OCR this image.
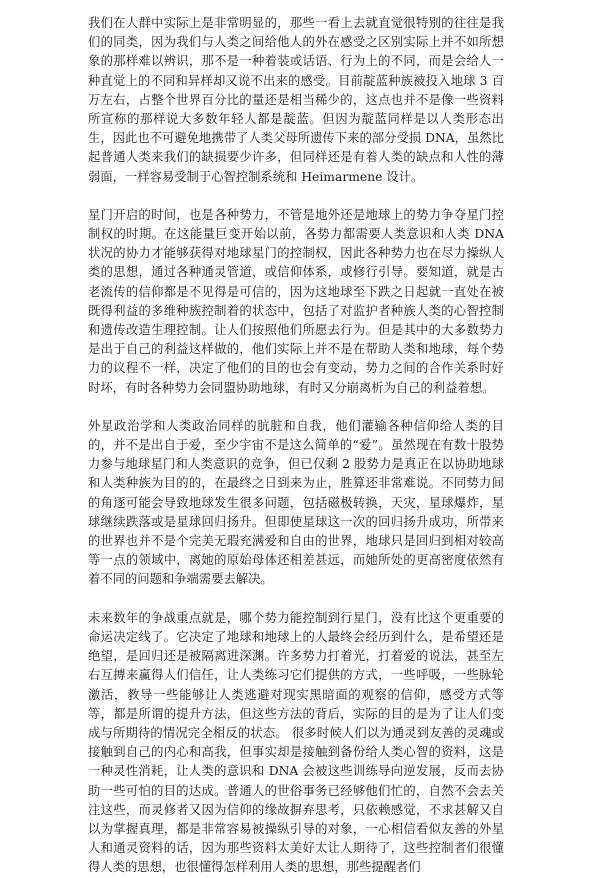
我们在人群中实际上是非常明显的，那些一看上去就直觉很特别的往往是我们的同类，因为我们与人类之间给他人的外在感受之区别实际上并不如所想象的那样难以辨识，那不是一种着装或话语、行为上的不同，而是会给人一种直觉上的不同和异样却又说不出来的感受。目前靛蓝种族被投入地球 3 百万左右，占整个世界百分比的量还是相当稀少的，这点也并不是像一些资料所宣称的那样说大多数年轻人都是靛蓝。但因为靛蓝同样是以人类形态出生，因此也不可避免地携带了人类父母所遗传下来的部分受损 DNA，虽然比起普通人类来我们的缺损要少许多，但同样还是有着人类的缺点和人性的薄弱面，一样容易受制于心智控制系统和 Heimarmene 设计。

星门开启的时间，也是各种势力，不管是地外还是地球上的势力争夺星门控制权的时期。在这能量巨变开始以前，各势力都需要人类意识和人类 DNA 状况的协力才能够获得对地球星门的控制权，因此各种势力也在尽力操纵人类的思想，通过各种通灵管道，或信仰体系，或修行引导。要知道，就是古老流传的信仰都是不见得是可信的，因为这地球至下跌之日起就一直处在被既得利益的多维种族控制着的状态中，包括了对监护者种族人类的心智控制和遗传改造生理控制。让人们按照他们所愿去行为。但是其中的大多数势力是出于自己的利益这样做的，他们实际上并不是在帮助人类和地球，每个势力的议程不一样，决定了他们的目的也会有变动，势力之间的合作关系时好时坏，有时各种势力会同盟协助地球，有时又分崩离析为自己的利益着想。

外星政治学和人类政治同样的肮脏和自我，他们灌输各种信仰给人类的目的，并不是出自于爱，至少宇宙不是这么简单的“爱”。虽然现在有数十股势力参与地球星门和人类意识的竞争，但已仅剩 2 股势力是真正在以协助地球和人类种族为目的的，在最终之日到来为止，胜算还非常难说。不同势力间的角逐可能会导致地球发生很多问题，包括磁极转换，天灾，星球爆炸，星球继续跌落或是星球回归扬升。但即使星球这一次的回归扬升成功，所带来的世界也并不是个完美无瑕充满爱和自由的世界，地球只是回归到相对较高等一点的领域中，离她的原始母体还相差甚远，而她所处的更高密度依然有着不同的问题和争端需要去解决。

未来数年的争战重点就是，哪个势力能控制到行星门，没有比这个更重要的命运决定线了。它决定了地球和地球上的人最终会经历到什么，是希望还是绝望，是回归还是被隔离进深渊。许多势力打着光，打着爱的说法，甚至左右互搏来赢得人们信任，让人类练习它们提供的方式，一些呼吸，一些脉轮激活，教导一些能够让人类逃避对现实黑暗面的观察的信仰，感受方式等等，都是所谓的提升方法，但这些方法的背后，实际的目的是为了让人们变成与所期待的情况完全相反的状态。 很多时候人们以为通灵到友善的灵魂或接触到自己的内心和高我，但事实却是接触到备份给人类心智的资料，这是一种灵性消耗，让人类的意识和 DNA 会被这些训练导向逆发展，反而去协助一些可怕的目的达成。普通人的世俗事务已经够他们忙的，自然不会去关注这些，而灵修者又因为信仰的缘故摒弃思考，只依赖感觉，不求甚解又自以为掌握真理，都是非常容易被操纵引导的对象，一心相信看似友善的外星人和通灵资料的话，因为那些资料太美好太让人期待了，这些控制者们很懂得人类的思想，也很懂得怎样利用人类的思想，那些提醒者们
